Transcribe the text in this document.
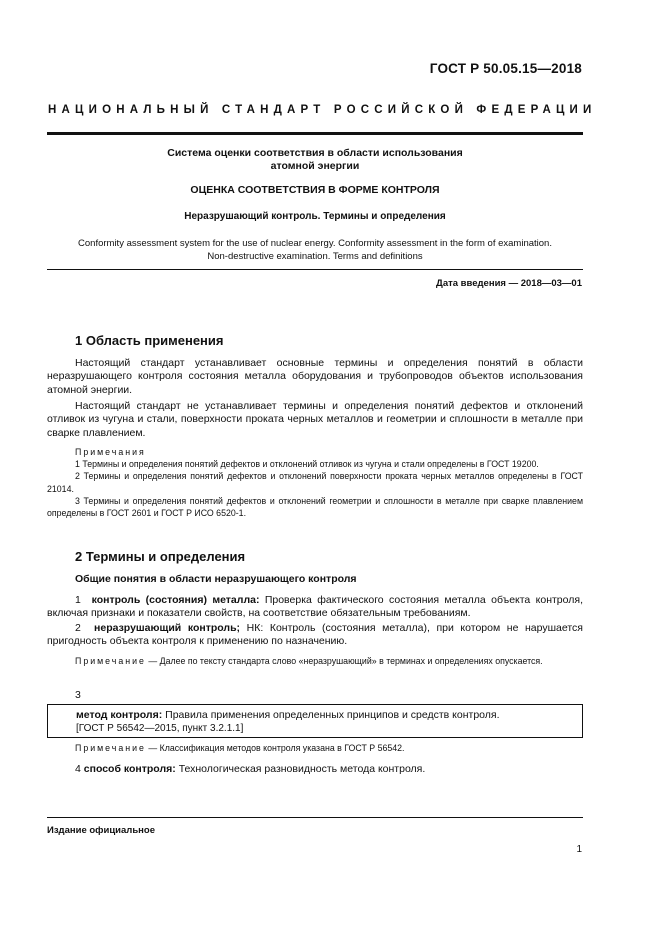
ГОСТ Р 50.05.15—2018
НАЦИОНАЛЬНЫЙ СТАНДАРТ РОССИЙСКОЙ ФЕДЕРАЦИИ
Система оценки соответствия в области использования
атомной энергии
ОЦЕНКА СООТВЕТСТВИЯ В ФОРМЕ КОНТРОЛЯ
Неразрушающий контроль. Термины и определения
Conformity assessment system for the use of nuclear energy. Conformity assessment in the form of examination.
Non-destructive examination. Terms and definitions
Дата введения — 2018—03—01
1 Область применения
Настоящий стандарт устанавливает основные термины и определения понятий в области неразрушающего контроля состояния металла оборудования и трубопроводов объектов использования атомной энергии.
Настоящий стандарт не устанавливает термины и определения понятий дефектов и отклонений отливок из чугуна и стали, поверхности проката черных металлов и геометрии и сплошности в металле при сварке плавлением.
Примечания
1 Термины и определения понятий дефектов и отклонений отливок из чугуна и стали определены в ГОСТ 19200.
2 Термины и определения понятий дефектов и отклонений поверхности проката черных металлов определены в ГОСТ 21014.
3 Термины и определения понятий дефектов и отклонений геометрии и сплошности в металле при сварке плавлением определены в ГОСТ 2601 и ГОСТ Р ИСО 6520-1.
2 Термины и определения
Общие понятия в области неразрушающего контроля
1 контроль (состояния) металла: Проверка фактического состояния металла объекта контроля, включая признаки и показатели свойств, на соответствие обязательным требованиям.
2 неразрушающий контроль; НК: Контроль (состояния металла), при котором не нарушается пригодность объекта контроля к применению по назначению.
Примечание — Далее по тексту стандарта слово «неразрушающий» в терминах и определениях опускается.
3
метод контроля: Правила применения определенных принципов и средств контроля.
[ГОСТ Р 56542—2015, пункт 3.2.1.1]
Примечание — Классификация методов контроля указана в ГОСТ Р 56542.
4 способ контроля: Технологическая разновидность метода контроля.
Издание официальное
1
